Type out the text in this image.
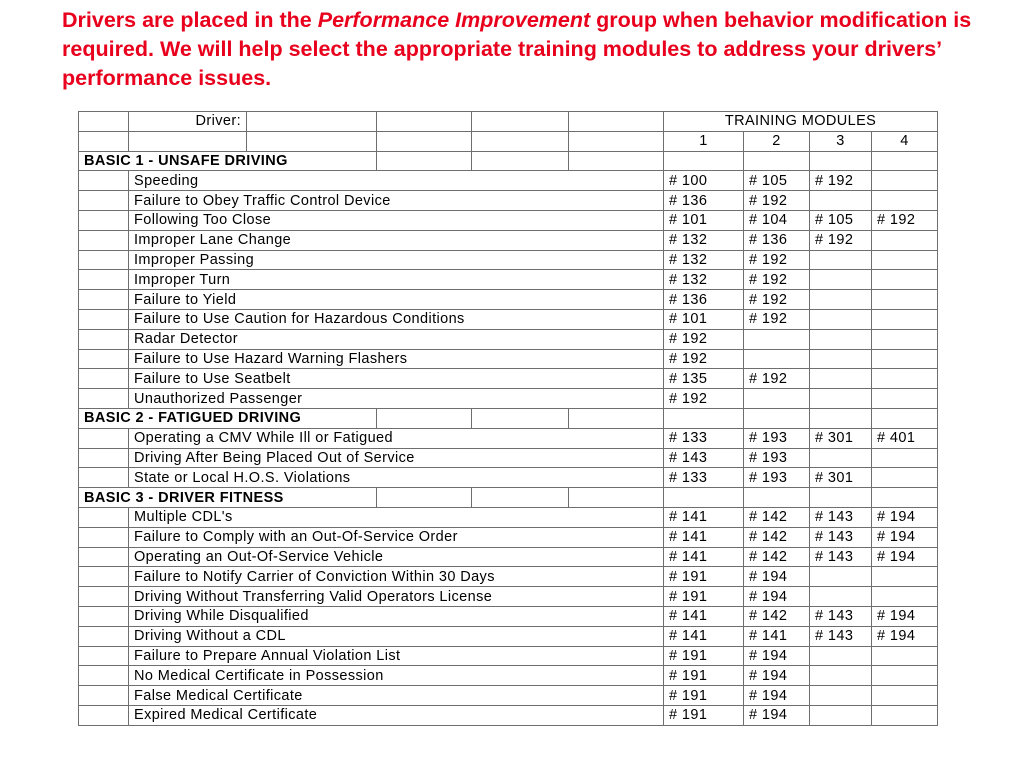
Drivers are placed in the Performance Improvement group when behavior modification is required. We will help select the appropriate training modules to address your drivers’ performance issues.

	Driver:					TRAINING MODULES			
						1	2	3	4
BASIC 1 - UNSAFE DRIVING									
	Speeding					# 100	# 105	# 192	
	Failure to Obey Traffic Control Device					# 136	# 192		
	Following Too Close					# 101	# 104	# 105	# 192
	Improper Lane Change					# 132	# 136	# 192	
	Improper Passing					# 132	# 192		
	Improper Turn					# 132	# 192		
	Failure to Yield					# 136	# 192		
	Failure to Use Caution for Hazardous Conditions					# 101	# 192		
	Radar Detector					# 192			
	Failure to Use Hazard Warning Flashers					# 192			
	Failure to Use Seatbelt					# 135	# 192		
	Unauthorized Passenger					# 192			
BASIC 2 - FATIGUED DRIVING									
	Operating a CMV While Ill or Fatigued					# 133	# 193	# 301	# 401
	Driving After Being Placed Out of Service					# 143	# 193		
	State or Local H.O.S. Violations					# 133	# 193	# 301	
BASIC 3 - DRIVER FITNESS									
	Multiple CDL's					# 141	# 142	# 143	# 194
	Failure to Comply with an Out-Of-Service Order					# 141	# 142	# 143	# 194
	Operating an Out-Of-Service Vehicle					# 141	# 142	# 143	# 194
	Failure to Notify Carrier of Conviction Within 30 Days					# 191	# 194		
	Driving Without Transferring Valid Operators License					# 191	# 194		
	Driving While Disqualified					# 141	# 142	# 143	# 194
	Driving Without a CDL					# 141	# 141	# 143	# 194
	Failure to Prepare Annual Violation List					# 191	# 194		
	No Medical Certificate in Possession					# 191	# 194		
	False Medical Certificate					# 191	# 194		
	Expired Medical Certificate					# 191	# 194		
